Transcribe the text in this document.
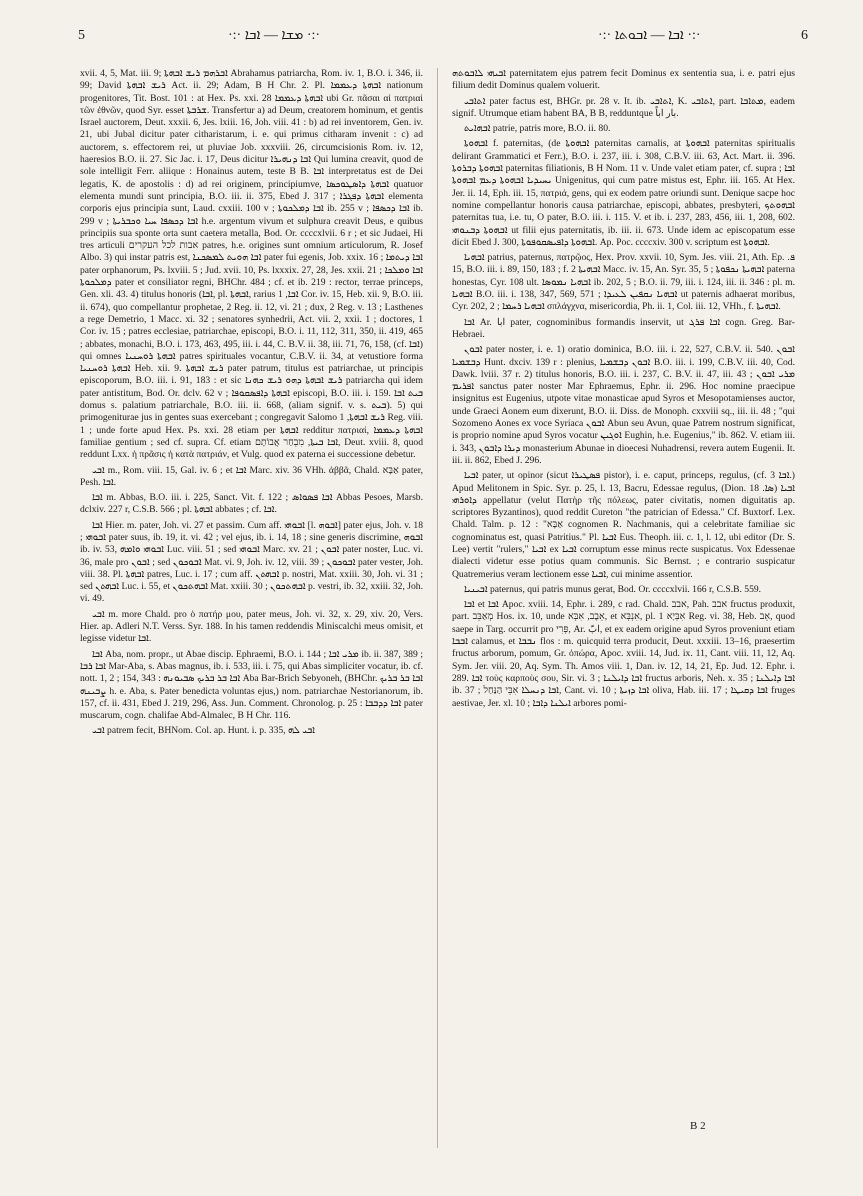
5	·:· ܡܫܐ — ܐܒܐ ·:·	·:· ܐܒܐ — ܐܒܘܬܐ ·:·	6

xvii. 4, 5, Mat. iii. 9; ܐܒܪܗܡ ܪܝܫ ܐܒܗܬܐ Abrahamus patriarcha, Rom. iv. 1, B.O. i. 346, ii. 99; David ܪܝܫ ܐܒܗܬܐ Act. ii. 29; Adam, B H Chr. 2. Pl. ܐܒܗܬܐ ܕܥܡܡܐ nationum progenitores, Tit. Bost. 101 : at Hex. Ps. xxi. 28 ܐܒܗܬܐ ܕܥܡܡܐ ubi Gr. πᾶσαι αἱ πατριαὶ τῶν ἐθνῶν, quod Syr. esset ܫܪܒܬܐ. Transfertur a) ad Deum, creatorem hominum, et gentis Israel auctorem, Deut. xxxii. 6, Jes. lxiii. 16, Joh. viii. 41 : b) ad rei inventorem, Gen. iv. 21, ubi Jubal dicitur pater citharistarum, i. e. qui primus citharam invenit : c) ad auctorem, s. effectorem rei, ut pluviae Job. xxxviii. 26, circumcisionis Rom. iv. 12, haeresios B.O. ii. 27. Sic Jac. i. 17, Deus dicitur ܐܒܐ ܕܢܗܝܪܐ Qui lumina creavit, quod de sole intelligit Ferr. aliique : Honainus autem, teste B B. ܐܒܐ interpretatus est de Dei legatis, K. de apostolis : d) ad rei originem, principiumve, ܐܒܗܬܐ ܕܐܣܛܘܟܣܐ quatuor elementa mundi sunt principia, B.O. iii. ii. 375, Ebed J. 317 ; ܐܒܗܬܐ ܕܦܓܪܐ elementa corporis ejus principia sunt, Laud. cxxiii. 100 v ; ܐܒܐ ܕܡܠܟܘܬܐ ib. 255 v ; ܐܒܐ ܕܟܣܦܐ ib. 299 v ; ܐܒܐ ܕܟܣܦܐ ܚܝܐ ܘܟܒܪܝܬܐ h.e. argentum vivum et sulphura creavit Deus, e quibus principiis sua sponte orta sunt caetera metalla, Bod. Or. ccccxlvii. 6 r ; et sic Judaei, Hi tres articuli אבות לכל העקרים patres, h.e. origines sunt omnium articulorum, R. Josef Albo. 3) qui instar patris est, ܐܒܐ ܗܘܝܬ ܠܡܣܟܢܐ pater fui egenis, Job. xxix. 16 ; ܐܒܐ ܕܝܬܡܐ pater orphanorum, Ps. lxviii. 5 ; Jud. xvii. 10, Ps. lxxxix. 27, 28, Jes. xxii. 21 ; ܐܒܐ ܘܡܠܟܐ ܕܡܠܟܘܬܐ pater et consiliator regni, BHChr. 484 ; cf. et ib. 219 : rector, terrae princeps, Gen. xli. 43. 4) titulus honoris (ܐܒܐ, pl. ܐܒܗܬܐ, rarius ܐܒܐ, 1 Cor. iv. 15, Heb. xii. 9, B.O. iii. ii. 674), quo compellantur prophetae, 2 Reg. ii. 12, vi. 21 ; dux, 2 Reg. v. 13 ; Lasthenes a rege Demetrio, 1 Macc. xi. 32 ; senatores synhedrii, Act. vii. 2, xxii. 1 ; doctores, 1 Cor. iv. 15 ; patres ecclesiae, patriarchae, episcopi, B.O. i. 11, 112, 311, 350, ii. 419, 465 ; abbates, monachi, B.O. i. 173, 463, 495, iii. i. 44, C. B.V. ii. 38, iii. 71, 76, 158, (cf. ܐܒܐ) qui omnes ܐܒܗܬܐ ܪܘܚܢܝܐ patres spirituales vocantur, C.B.V. ii. 34, at vetustiore forma ܐܒܗܬܐ ܪܘܚܢܝܐ Heb. xii. 9. ܪܝܫ ܐܒܗܬܐ pater patrum, titulus est patriarchae, ut principis episcoporum, B.O. iii. i. 91, 183 : et sic ܪܝܫ ܐܒܗܬܐ ܕܗܘ ܪܝܫ ܟܗܢܐ patriarcha qui idem pater antistitum, Bod. Or. dclv. 62 v ; ܐܒܗܬܐ ܕܐܦܣܩܘܦܐ episcopi, B.O. iii. i. 159. ܒܝܬ ܐܒܐ domus s. palatium patriarchale, B.O. iii. ii. 668, (aliam signif. v. s. ܒܝܬ). 5) qui primogeniturae jus in gentes suas exercebant ; congregavit Salomo ܪܝܫ ܐܒܗܬܐ, 1 Reg. viii. 1 ; unde forte apud Hex. Ps. xxi. 28 etiam per ܐܒܗܬܐ redditur πατριαί, ܐܒܗܬܐ ܕܥܡܡܐ familiae gentium ; sed cf. supra. Cf. etiam ܐܒܐ ܒܝܬܐ, מִבְחַר אֲבוֹתָם, Deut. xviii. 8, quod reddunt Lxx. ἡ πρᾶσις ἡ κατὰ πατριάν, et Vulg. quod ex paterna ei successione debetur.

ܐܒܝ m., Rom. viii. 15, Gal. iv. 6 ; et ܐܒܐ Marc. xiv. 36 VHh. ἀββᾶ, Chald. אַבָּא pater, Pesh. ܐܒܐ.

ܐܒܐ m. Abbas, B.O. iii. i. 225, Sanct. Vit. f. 122 ; ܐܒܐ ܦܣܘܐܣ Abbas Pesoes, Marsb. dclxiv. 227 r, C.S.B. 566 ; pl. ܐܒܗܬܐ abbates ; cf. ܐܒܐ.

ܐܒܐ Hier. m. pater, Joh. vi. 27 et passim. Cum aff. ܐܒܘܗܝ [l. ܐܒܘܗ] pater ejus, Joh. v. 18 ; ܐܒܘܗܝ pater suus, ib. 19, it. vi. 42 ; vel ejus, ib. i. 14, 18 ; sine generis discrimine, ܐܒܘܗ ib. iv. 53, ܐܒܘܗܝ ܘܐܡܗ Luc. viii. 51 ; sed ܐܒܘܗܝ Marc. xv. 21 ; ܐܒܘܢ pater noster, Luc. vi. 36, male pro ܐܒܘܢ ; sed ܐܒܘܟܘܢ Mat. vi. 9, Joh. iv. 12, viii. 39 ; ܐܒܘܟܘܢ pater vester, Joh. viii. 38. Pl. ܐܒܗܬܐ patres, Luc. i. 17 ; cum aff. ܐܒܗܬܢ p. nostri, Mat. xxiii. 30, Joh. vi. 31 ; sed ܐܒܗܬܢ Luc. i. 55, et ܐܒܗܬܟܘܢ Mat. xxiii. 30 ; ܐܒܗܬܟܘܢ p. vestri, ib. 32, xxiii. 32, Joh. vi. 49.

ܐܒܝ m. more Chald. pro ὁ πατήρ μου, pater meus, Joh. vi. 32, x. 29, xiv. 20, Vers. Hier. ap. Adleri N.T. Verss. Syr. 188. In his tamen reddendis Miniscalchi meus omisit, et legisse videtur ܐܒܐ.

ܐܒܐ Aba, nom. propr., ut Abae discip. Ephraemi, B.O. i. 144 ; ܡܪܝ ܐܒܐ ib. ii. 387, 389 ; ܐܒܐ ܪܒܐ Mar-Aba, s. Abas magnus, ib. i. 533, iii. i. 75, qui Abas simpliciter vocatur, ib. cf. nott. 1, 2 ; 154, 343 : ܐܒܐ ܒܪ ܒܪܝܟ ܣܒܝܘܢܗ Aba Bar-Brich Sebyoneh, (BHChr. ܐܒܐ ܒܪ ܒܪܝܟ ܨܒܝܢܗ h. e. Aba, s. Pater benedicta voluntas ejus,) nom. patriarchae Nestorianorum, ib. 157, cf. ii. 431, Ebed J. 219, 296, Ass. Jun. Comment. Chronolog. p. 25 : ܐܒܐ ܕܕܒܒܐ pater muscarum, cogn. chalifae Abd-Almalec, B H Chr. 116.

ܐܒܝ patrem fecit, BHNom. Col. ap. Hunt. i. p. 335, ܐܒܝ ܠܗ

ܐܒܝܗܝ ܠܐܒܘܬܗ paternitatem ejus patrem fecit Dominus ex sententia sua, i. e. patri ejus filium dedit Dominus qualem voluerit.

ܐܬܐܒܝ pater factus est, BHGr. pr. 28 v. It. ib. ܐܬܐܒܝ, K. ܐܬܐܒܝ, part. ܡܬܐܒܐ, eadem signif. Utrumque etiam habent BA, B B, redduntque بار اباً.

ܐܒܗܐܝܬ patrie, patris more, B.O. ii. 80.

ܐܒܗܘܬܐ f. paternitas, (de ܐܒܗܘܬܐ paternitas carnalis, at ܐܒܗܘܬܐ paternitas spiritualis delirant Grammatici et Ferr.), B.O. i. 237, iii. i. 308, C.B.V. iii. 63, Act. Mart. ii. 396. ܐܒܗܘܬܐ ܕܒܪܘܬܐ paternitas filiationis, B H Nom. 11 v. Unde valet etiam pater, cf. supra ܐܒܐ ; ܝܚܝܕܝܐ ܐܒܗܘܬܐ ܕܥܡ ܐܒܗܘܬܐ Unigenitus, qui cum patre mistus est, Ephr. iii. 165. At Hex. Jer. ii. 14, Eph. iii. 15, πατριά, gens, qui ex eodem patre oriundi sunt. Denique sacpe hoc nomine compellantur honoris causa patriarchae, episcopi, abbates, presbyteri, ܐܒܗܘܬܟ paternitas tua, i.e. tu, O pater, B.O. iii. i. 115. V. et ib. i. 237, 283, 456, iii. 1, 208, 602. ܐܒܗܘܬܐ ܕܒܢܘܗܝ ut filii ejus paternitatis, ib. iii. ii. 673. Unde idem ac episcopatum esse dicit Ebed J. 300, ܐܒܗܘܬܐ ܕܐܦܝܣܩܘܦܘܬܐ. Ap. Poc. ccccxiv. 300 v. scriptum est ܐܒܗܘܬܐ.

ܐܒܗܝܐ patrius, paternus, πατρῷος, Hex. Prov. xxvii. 10, Sym. Jes. viii. 21, Ath. Ep. ܦ. 15, B.O. iii. i. 89, 150, 183 ; f. ܐܒܗܝܬܐ 2 Macc. iv. 15, An. Syr. 35, 5 ; ܐܒܗܝܬܐ ܢܟܦܘܬܐ paterna honestas, Cyr. 108 ult. ܐܒܗܝܐ ܢܡܘܣܐ ib. 202, 5 ; B.O. ii. 79, iii. i. 124, iii. ii. 346 : pl. m. ܐܒܗܝܐ B.O. iii. i. 138, 347, 569, 571 ; ܐܒܗܝܐ ܢܩܦܝܢ ܠܥܝܕܐ ut paternis adhaerat moribus, Cyr. 202, 2 ; ܐܒܗܝܐ ܪܚܡܐ σπλάγχνα, misericordia, Ph. ii. 1, Col. iii. 12, VHh., f. ܐܒܗܝܬܐ.

ܐܒܐ Ar. ابا pater, cognominibus formandis inservit, ut ܐܒܐ ܦܪܓ cogn. Greg. Bar-Hebraei.

ܐܒܘܢ pater noster, i. e. 1) oratio dominica, B.O. iii. i. 22, 527, C.B.V. ii. 540. ܐܒܘܢ ܕܒܫܡܝܐ Hunt. dxciv. 139 r : plenius, ܐܒܘܢ ܕܒܫܡܝܐ B.O. iii. i. 199, C.B.V. iii. 40, Cod. Dawk. lviii. 37 r. 2) titulus honoris, B.O. iii. i. 237, C. B.V. ii. 47, iii. 43 ; ܡܪܝ ܐܒܘܢ ܐܦܪܝܡ sanctus pater noster Mar Ephraemus, Ephr. ii. 296. Hoc nomine praecipue insignitus est Eugenius, utpote vitae monasticae apud Syros et Mesopotamienses auctor, unde Graeci Aonem eum dixerunt, B.O. ii. Diss. de Monoph. cxxviii sq., iii. ii. 48 ; "qui Sozomeno Aones ex voce Syriaca ܐܒܘܢ Abun seu Avun, quae Patrem nostrum significat, is proprio nomine apud Syros vocatur ܐܘܓܝܢ Eughin, h.e. Eugenius," ib. 862. V. etiam iii. i. 343, ܕܝܪܐ ܕܐܒܘܢ monasterium Abunae in dioecesi Nuhadrensi, revera autem Eugenii. It. iii. ii. 862, Ebed J. 296.

ܐܒܝܐ pater, ut opinor (sicut ܦܣܛܝܪܐ pistor), i. e. caput, princeps, regulus, (cf. ܐܒܐ 3.) Apud Melitonem in Spic. Syr. p. 25, l. 13, Bacru, Edessae regulus, (Dion. ܣܐ. 18) ܐܒܝܐ ܕܐܘܪܗܝ appellatur (velut Πατὴρ τῆς πόλεως, pater civitatis, nomen diguitatis ap. scriptores Byzantinos), quod reddit Cureton "the patrician of Edessa." Cf. Buxtorf. Lex. Chald. Talm. p. 12 : "אַבָּא cognomen R. Nachmanis, qui a celebritate familiae sic cognominatus est, quasi Patritius." Pl. ܐܒܝܐ Eus. Theoph. iii. c. 1, l. 12, ubi editor (Dr. S. Lee) vertit "rulers," ܐܒܝܐ ex ܐܒܝܐ corruptum esse minus recte suspicatus. Vox Edessenae dialecti videtur esse potius quam communis. Sic Bernst. ; e contrario suspicatur Quatremerius veram lectionem esse ܐܒܝܐ, cui minime assentior.

ܐܒܝܢܝܐ paternus, qui patris munus gerat, Bod. Or. ccccxlvii. 166 r, C.S.B. 559.

ܐܒܐ et ܐܒܐ Apoc. xviii. 14, Ephr. i. 289, c rad. Chald. אבב, Pah. אבב fructus produxit, part. מְאַבֵּב Hos. ix. 10, unde אֵבֶב, אִבְּא, et אִנְבְּא, pl. אִבְּיָא 1 Reg. vi. 38, Heb. אֵב, quod saepe in Targ. occurrit pro פְּרִי, Ar. ابّ, et ex eadem origine apud Syros proveniunt etiam ܐܒܒܐ calamus, et ܢܒܒܐ flos : m. quicquid terra producit, Deut. xxxiii. 13–16, praesertim fructus arborum, pomum, Gr. ὀπώρα, Apoc. xviii. 14, Jud. ix. 11, Cant. viii. 11, 12, Aq. Sym. Jer. viii. 20, Aq. Sym. Th. Amos viii. 1, Dan. iv. 12, 14, 21, Ep. Jud. 12. Ephr. i. 289. ܐܒܐ τοὺς καρποὺς σου, Sir. vi. 3 ; ܐܒܐ ܕܐܝܠܢܐ fructus arboris, Neh. x. 35 ; ܐܒܐ ܕܐܝܠܢܐ ib. 37 ; ܐܒܐ ܕܢܚܠܐ אִבֵּי הַנַּחַל, Cant. vi. 10 ; ܐܒܐ ܕܙܝܬܐ oliva, Hab. iii. 17 ; ܐܒܐ ܕܩܝܛܐ fruges aestivae, Jer. xl. 10 ; ܐܝܠܢܐ ܕܐܒܐ arbores pomi-

B 2
